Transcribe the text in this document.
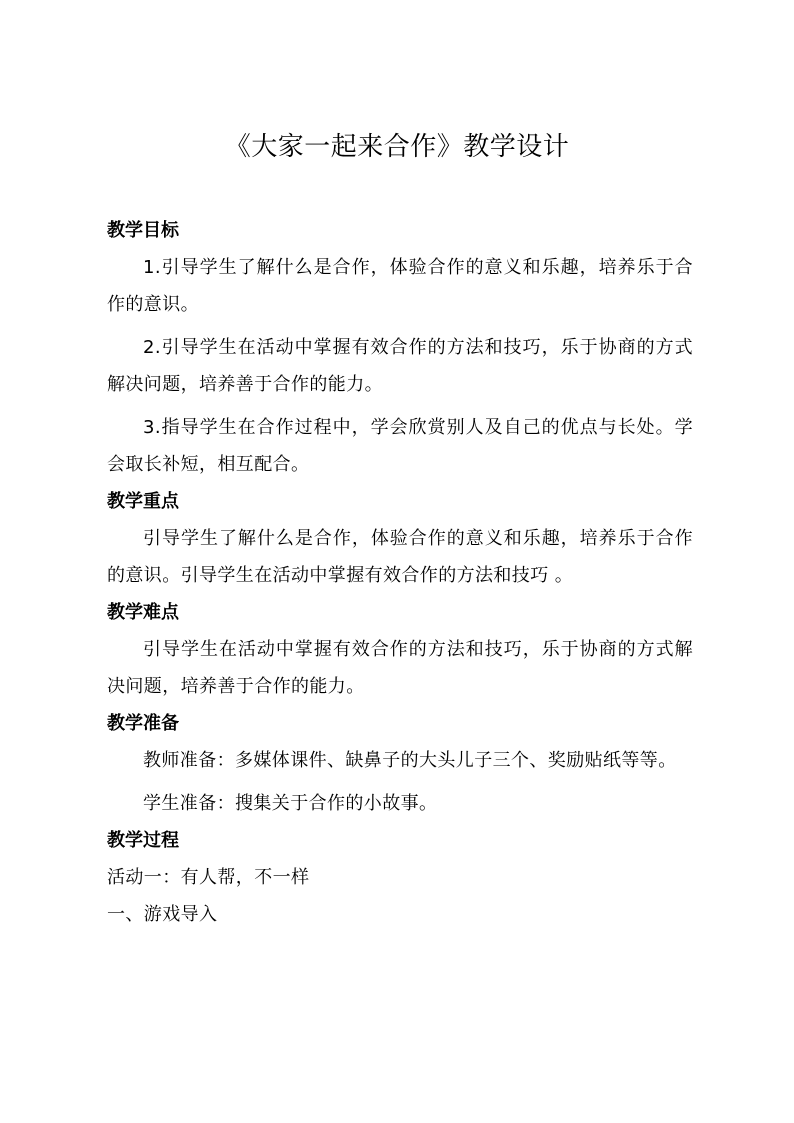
《大家一起来合作》教学设计

教学目标

1.引导学生了解什么是合作，体验合作的意义和乐趣，培养乐于合作的意识。

2.引导学生在活动中掌握有效合作的方法和技巧，乐于协商的方式解决问题，培养善于合作的能力。

3.指导学生在合作过程中，学会欣赏别人及自己的优点与长处。学会取长补短，相互配合。

教学重点

引导学生了解什么是合作，体验合作的意义和乐趣，培养乐于合作的意识。引导学生在活动中掌握有效合作的方法和技巧 。

教学难点

引导学生在活动中掌握有效合作的方法和技巧，乐于协商的方式解决问题，培养善于合作的能力。

教学准备

教师准备：多媒体课件、缺鼻子的大头儿子三个、奖励贴纸等等。

学生准备：搜集关于合作的小故事。

教学过程

活动一：有人帮，不一样

一、游戏导入
